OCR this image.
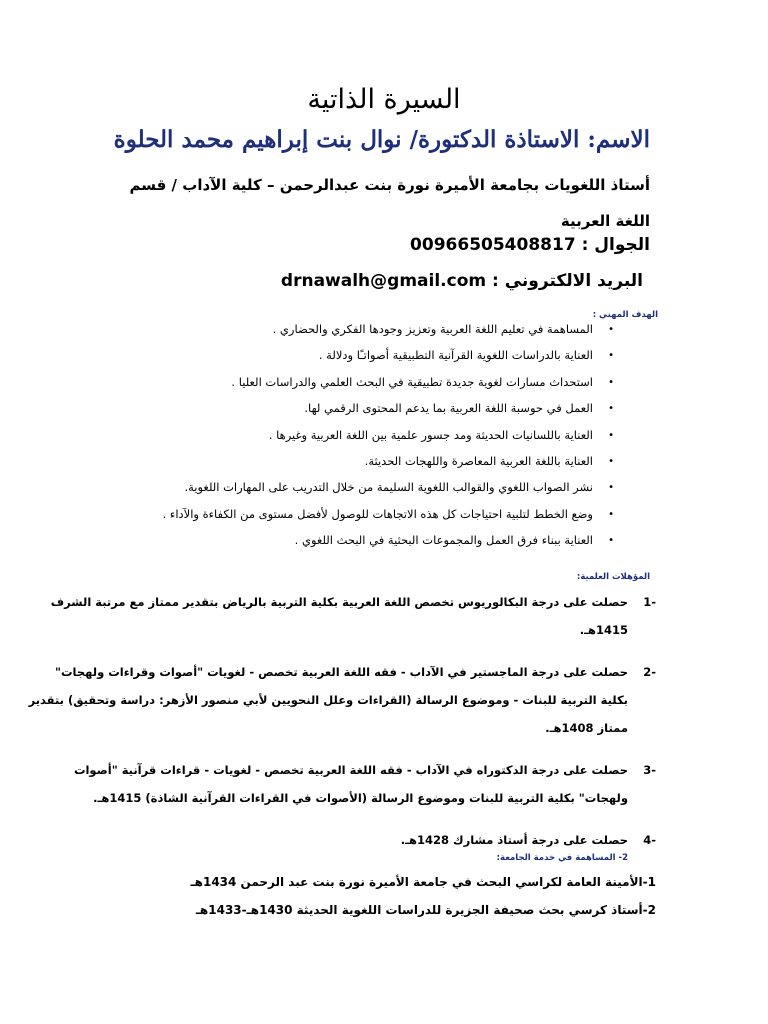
السيرة الذاتية
الاسم: الاستاذة الدكتورة/ نوال بنت إبراهيم محمد الحلوة
أستاذ اللغويات بجامعة الأميرة نورة بنت عبدالرحمن – كلية الآداب / قسم اللغة العربية
الجوال : 00966505408817
البريد الالكتروني : drnawalh@gmail.com
الهدف المهني :
•
المساهمة في تعليم اللغة العربية وتعزيز وجودها الفكري والحضاري .
•
العناية بالدراسات اللغوية القرآنية التطبيقية أصواتـًا ودلالة .
•
استحداث مسارات لغوية جديدة تطبيقية في البحث العلمي والدراسات العليا .
•
العمل في حوسبة اللغة العربية بما يدعم المحتوى الرقمي لها.
•
العناية باللسانيات الحديثة ومد جسور علمية بين اللغة العربية وغيرها .
•
العناية باللغة العربية المعاصرة واللهجات الحديثة.
•
نشر الصواب اللغوي والقوالب اللغوية السليمة من خلال التدريب على المهارات اللغوية.
•
وضع الخطط لتلبية احتياجات كل هذه الاتجاهات للوصول لأفضل مستوى من الكفاءة والآداء .
•
العناية ببناء فرق العمل والمجموعات البحثية في البحث اللغوي .
المؤهلات العلمية:
-1
حصلت على درجة البكالوريوس تخصص اللغة العربية بكلية التربية بالرياض بتقدير ممتاز مع مرتبة الشرف 1415هـ.
-2
حصلت على درجة الماجستير في الآداب - فقه اللغة العربية تخصص - لغويات "أصوات وقراءات ولهجات" بكلية التربية للبنات - وموضوع الرسالة (القراءات وعلل النحويين لأبي منصور الأزهر: دراسة وتحقيق) بتقدير ممتاز 1408هـ.
-3
حصلت على درجة الدكتوراه في الآداب - فقه اللغة العربية تخصص - لغويات - قراءات قرآنية "أصوات ولهجات" بكلية التربية للبنات وموضوع الرسالة (الأصوات في القراءات القرآنية الشاذة) 1415هـ.
-4
حصلت على درجة أستاذ مشارك 1428هـ.
2- المساهمة في خدمة الجامعة:
1-الأمينة العامة لكراسي البحث في جامعة الأميرة نورة بنت عبد الرحمن 1434هـ
2-أستاذ كرسي بحث صحيفة الجزيرة للدراسات اللغوية الحديثة 1430هـ-1433هـ
